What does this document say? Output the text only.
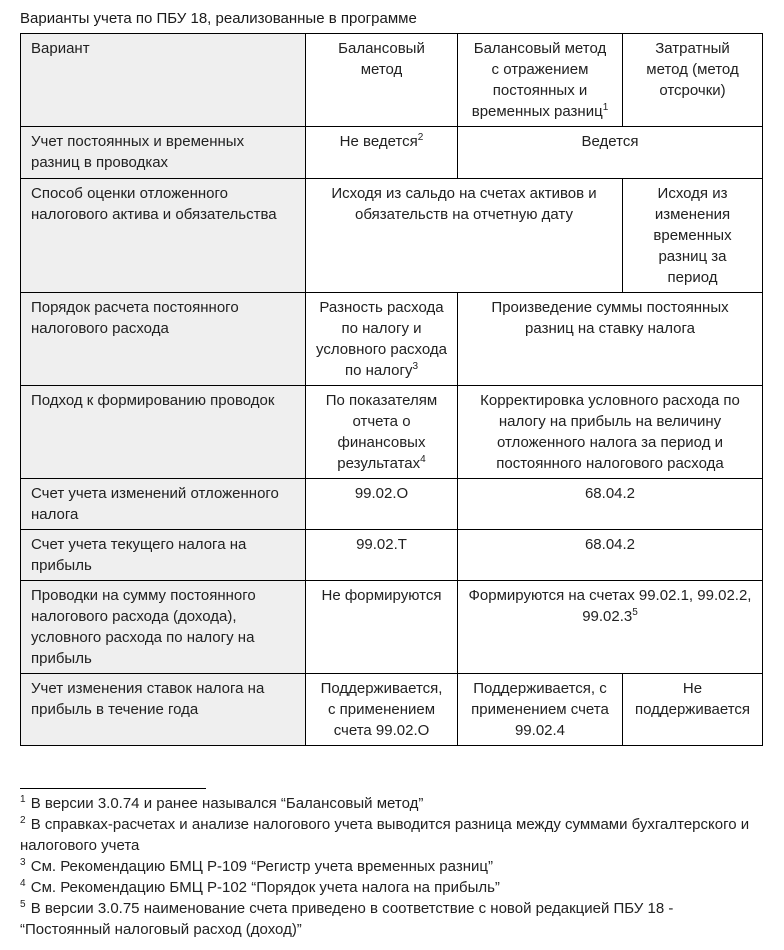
Варианты учета по ПБУ 18, реализованные в программе
Вариант	Балансовый метод	Балансовый метод с отражением постоянных и временных разниц$^1$	Затратный метод (метод отсрочки)
Учет постоянных и временных разниц в проводках	Не ведется$^2$	Ведется	
Способ оценки отложенного налогового актива и обязательства	Исходя из сальдо на счетах активов и обязательств на отчетную дату		Исходя из изменения временных разниц за период
Порядок расчета постоянного налогового расхода	Разность расхода по налогу и условного расхода по налогу$^3$	Произведение суммы постоянных разниц на ставку налога	
Подход к формированию проводок	По показателям отчета о финансовых результатах$^4$	Корректировка условного расхода по налогу на прибыль на величину отложенного налога за период и постоянного налогового расхода	
Счет учета изменений отложенного налога	99.02.О	68.04.2	
Счет учета текущего налога на прибыль	99.02.Т	68.04.2	
Проводки на сумму постоянного налогового расхода (дохода), условного расхода по налогу на прибыль	Не формируются	Формируются на счетах 99.02.1, 99.02.2, 99.02.3$^5$
Учет изменения ставок налога на прибыль в течение года	Поддерживается, с применением счета 99.02.О	Поддерживается, с применением счета 99.02.4	Не поддерживается
$^1$ В версии 3.0.74 и ранее назывался “Балансовый метод”
$^2$ В справках-расчетах и анализе налогового учета выводится разница между суммами бухгалтерского и налогового учета
$^3$ См. Рекомендацию БМЦ Р-109 “Регистр учета временных разниц”
$^4$ См. Рекомендацию БМЦ Р-102 “Порядок учета налога на прибыль”
$^5$ В версии 3.0.75 наименование счета приведено в соответствие с новой редакцией ПБУ 18 - “Постоянный налоговый расход (доход)”
